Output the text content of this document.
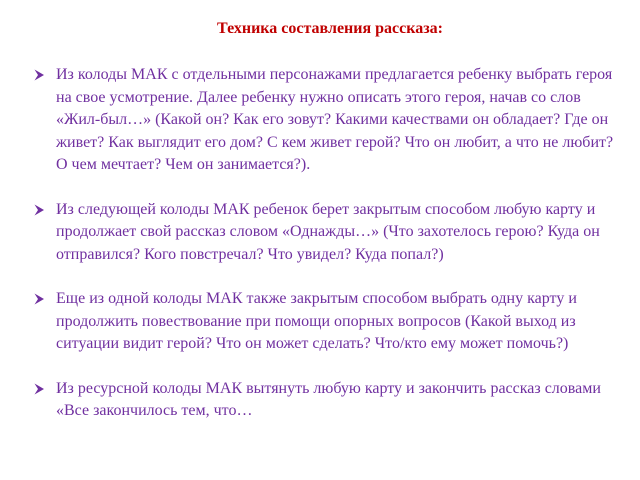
Техника составления рассказа:
Из колоды МАК с отдельными персонажами предлагается ребенку выбрать героя на свое усмотрение. Далее ребенку нужно описать этого героя, начав со слов «Жил-был…» (Какой он? Как его зовут? Какими качествами он обладает? Где он живет? Как выглядит его дом? С кем живет герой? Что он любит, а что не любит? О чем мечтает? Чем он занимается?).
Из следующей колоды МАК ребенок берет закрытым способом любую карту и продолжает свой рассказ словом «Однажды…» (Что захотелось герою? Куда он отправился? Кого повстречал? Что увидел? Куда попал?)
Еще из одной колоды МАК также закрытым способом выбрать одну карту и продолжить повествование при помощи опорных вопросов (Какой выход из ситуации видит герой? Что он может сделать? Что/кто ему может помочь?)
Из ресурсной колоды МАК вытянуть любую карту и закончить рассказ словами «Все закончилось тем, что…
